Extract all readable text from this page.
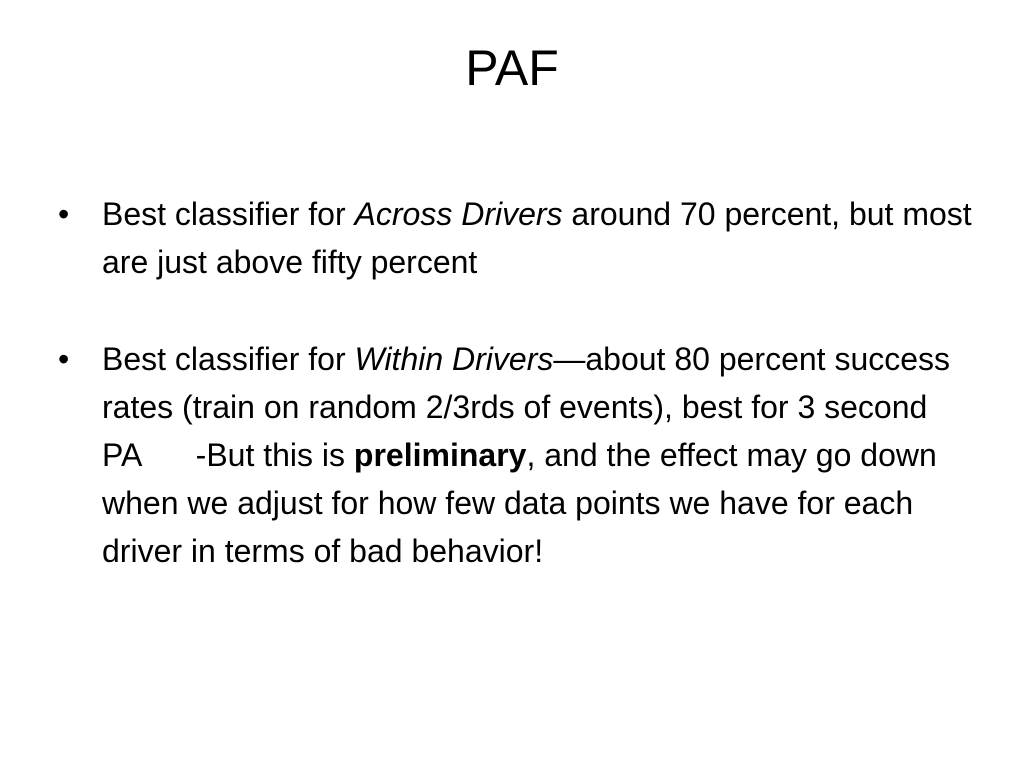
PAF
• Best classifier for Across Drivers around 70 percent, but most are just above fifty percent
• Best classifier for Within Drivers—about 80 percent success rates (train on random 2/3rds of events), best for 3 second PA      -But this is preliminary, and the effect may go down when we adjust for how few data points we have for each driver in terms of bad behavior!
